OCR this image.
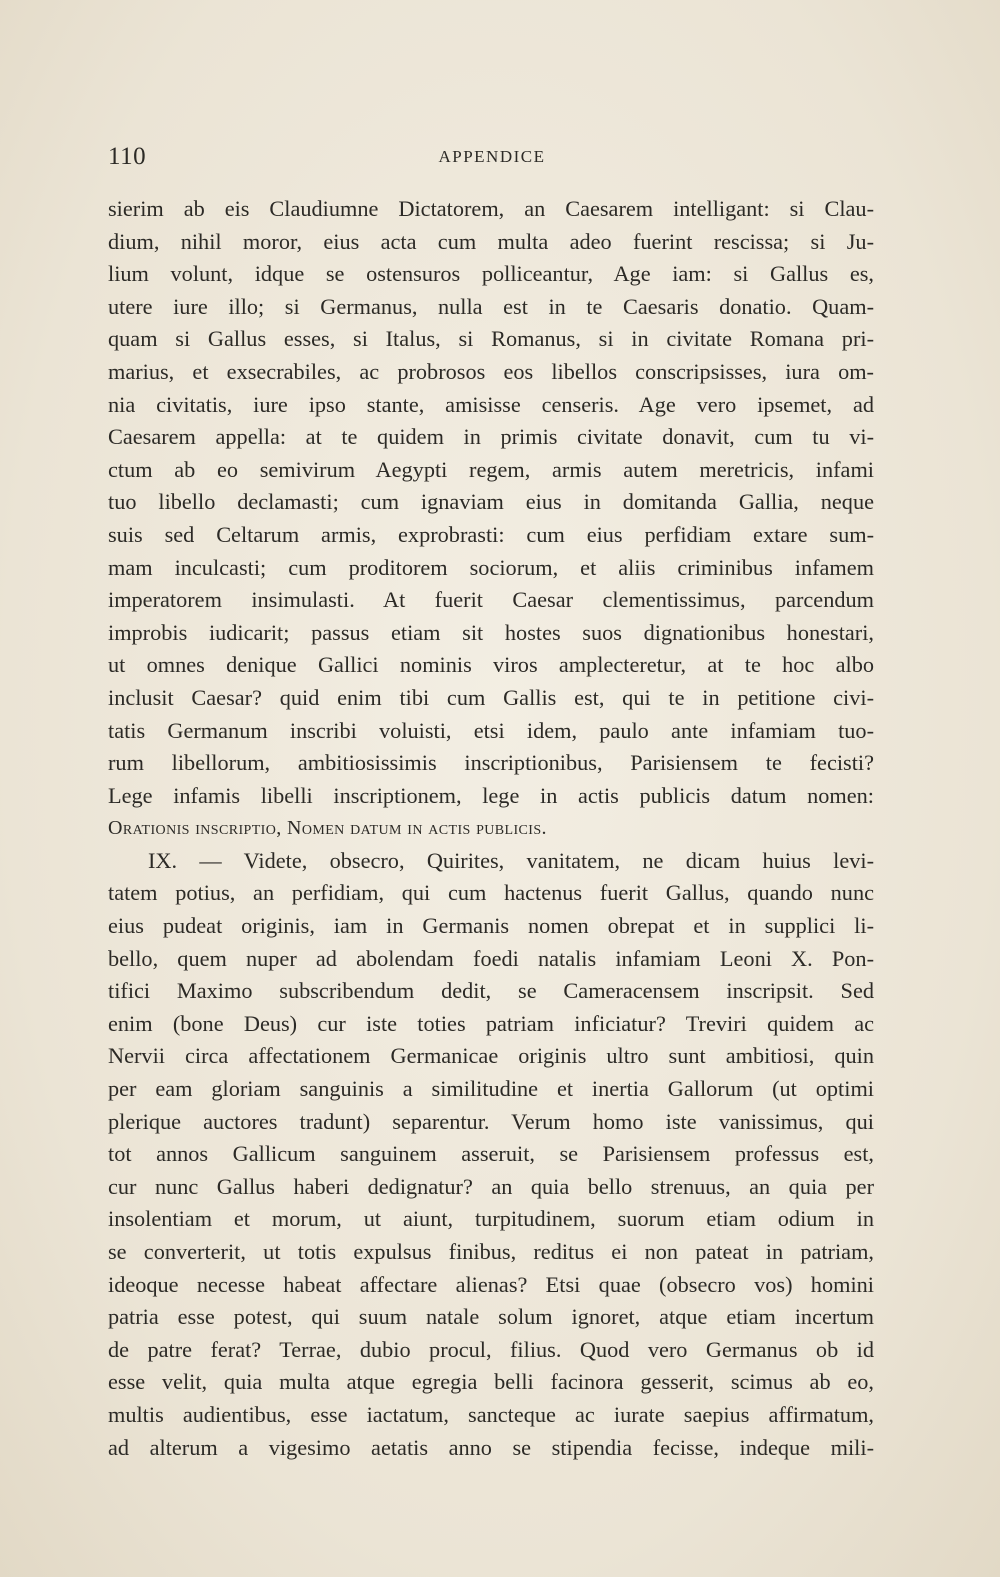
110	APPENDICE
sierim ab eis Claudiumne Dictatorem, an Caesarem intelligant: si Clau-
dium, nihil moror, eius acta cum multa adeo fuerint rescissa; si Ju-
lium volunt, idque se ostensuros polliceantur, Age iam: si Gallus es,
utere iure illo; si Germanus, nulla est in te Caesaris donatio. Quam-
quam si Gallus esses, si Italus, si Romanus, si in civitate Romana pri-
marius, et exsecrabiles, ac probrosos eos libellos conscripsisses, iura om-
nia civitatis, iure ipso stante, amisisse censeris. Age vero ipsemet, ad
Caesarem appella: at te quidem in primis civitate donavit, cum tu vi-
ctum ab eo semivirum Aegypti regem, armis autem meretricis, infami
tuo libello declamasti; cum ignaviam eius in domitanda Gallia, neque
suis sed Celtarum armis, exprobrasti: cum eius perfidiam extare sum-
mam inculcasti; cum proditorem sociorum, et aliis criminibus infamem
imperatorem insimulasti. At fuerit Caesar clementissimus, parcendum
improbis iudicarit; passus etiam sit hostes suos dignationibus honestari,
ut omnes denique Gallici nominis viros amplecteretur, at te hoc albo
inclusit Caesar? quid enim tibi cum Gallis est, qui te in petitione civi-
tatis Germanum inscribi voluisti, etsi idem, paulo ante infamiam tuo-
rum libellorum, ambitiosissimis inscriptionibus, Parisiensem te fecisti?
Lege infamis libelli inscriptionem, lege in actis publicis datum nomen:
Orationis inscriptio, Nomen datum in actis publicis.
IX. — Videte, obsecro, Quirites, vanitatem, ne dicam huius levi-
tatem potius, an perfidiam, qui cum hactenus fuerit Gallus, quando nunc
eius pudeat originis, iam in Germanis nomen obrepat et in supplici li-
bello, quem nuper ad abolendam foedi natalis infamiam Leoni X. Pon-
tifici Maximo subscribendum dedit, se Cameracensem inscripsit. Sed
enim (bone Deus) cur iste toties patriam inficiatur? Treviri quidem ac
Nervii circa affectationem Germanicae originis ultro sunt ambitiosi, quin
per eam gloriam sanguinis a similitudine et inertia Gallorum (ut optimi
plerique auctores tradunt) separentur. Verum homo iste vanissimus, qui
tot annos Gallicum sanguinem asseruit, se Parisiensem professus est,
cur nunc Gallus haberi dedignatur? an quia bello strenuus, an quia per
insolentiam et morum, ut aiunt, turpitudinem, suorum etiam odium in
se converterit, ut totis expulsus finibus, reditus ei non pateat in patriam,
ideoque necesse habeat affectare alienas? Etsi quae (obsecro vos) homini
patria esse potest, qui suum natale solum ignoret, atque etiam incertum
de patre ferat? Terrae, dubio procul, filius. Quod vero Germanus ob id
esse velit, quia multa atque egregia belli facinora gesserit, scimus ab eo,
multis audientibus, esse iactatum, sancteque ac iurate saepius affirmatum,
ad alterum a vigesimo aetatis anno se stipendia fecisse, indeque mili-
